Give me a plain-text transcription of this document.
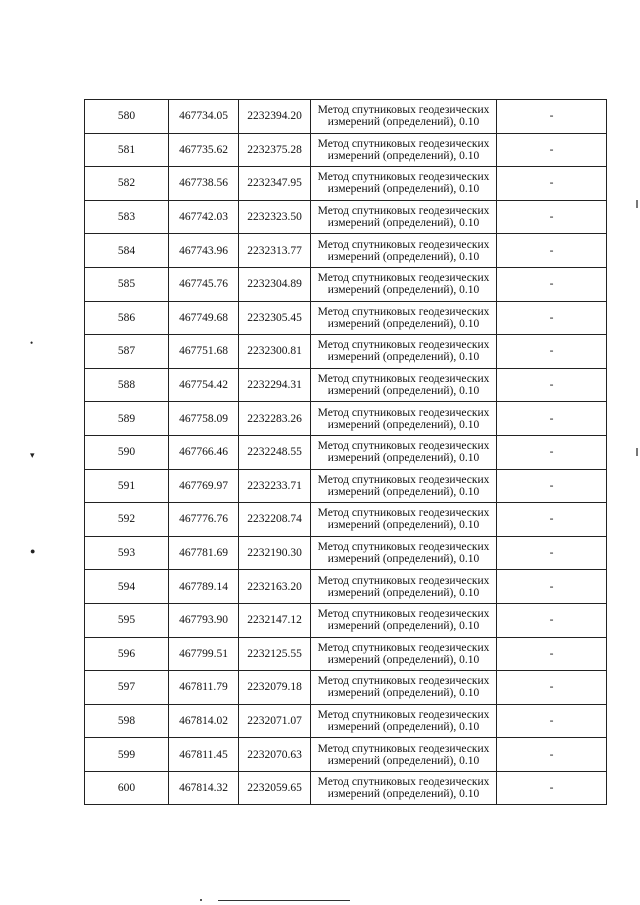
•
▾
●
580	467734.05	2232394.20	Метод спутниковых геодезических
измерений (определений), 0.10	-
581	467735.62	2232375.28	Метод спутниковых геодезических
измерений (определений), 0.10	-
582	467738.56	2232347.95	Метод спутниковых геодезических
измерений (определений), 0.10	-
583	467742.03	2232323.50	Метод спутниковых геодезических
измерений (определений), 0.10	-
584	467743.96	2232313.77	Метод спутниковых геодезических
измерений (определений), 0.10	-
585	467745.76	2232304.89	Метод спутниковых геодезических
измерений (определений), 0.10	-
586	467749.68	2232305.45	Метод спутниковых геодезических
измерений (определений), 0.10	-
587	467751.68	2232300.81	Метод спутниковых геодезических
измерений (определений), 0.10	-
588	467754.42	2232294.31	Метод спутниковых геодезических
измерений (определений), 0.10	-
589	467758.09	2232283.26	Метод спутниковых геодезических
измерений (определений), 0.10	-
590	467766.46	2232248.55	Метод спутниковых геодезических
измерений (определений), 0.10	-
591	467769.97	2232233.71	Метод спутниковых геодезических
измерений (определений), 0.10	-
592	467776.76	2232208.74	Метод спутниковых геодезических
измерений (определений), 0.10	-
593	467781.69	2232190.30	Метод спутниковых геодезических
измерений (определений), 0.10	-
594	467789.14	2232163.20	Метод спутниковых геодезических
измерений (определений), 0.10	-
595	467793.90	2232147.12	Метод спутниковых геодезических
измерений (определений), 0.10	-
596	467799.51	2232125.55	Метод спутниковых геодезических
измерений (определений), 0.10	-
597	467811.79	2232079.18	Метод спутниковых геодезических
измерений (определений), 0.10	-
598	467814.02	2232071.07	Метод спутниковых геодезических
измерений (определений), 0.10	-
599	467811.45	2232070.63	Метод спутниковых геодезических
измерений (определений), 0.10	-
600	467814.32	2232059.65	Метод спутниковых геодезических
измерений (определений), 0.10	-
